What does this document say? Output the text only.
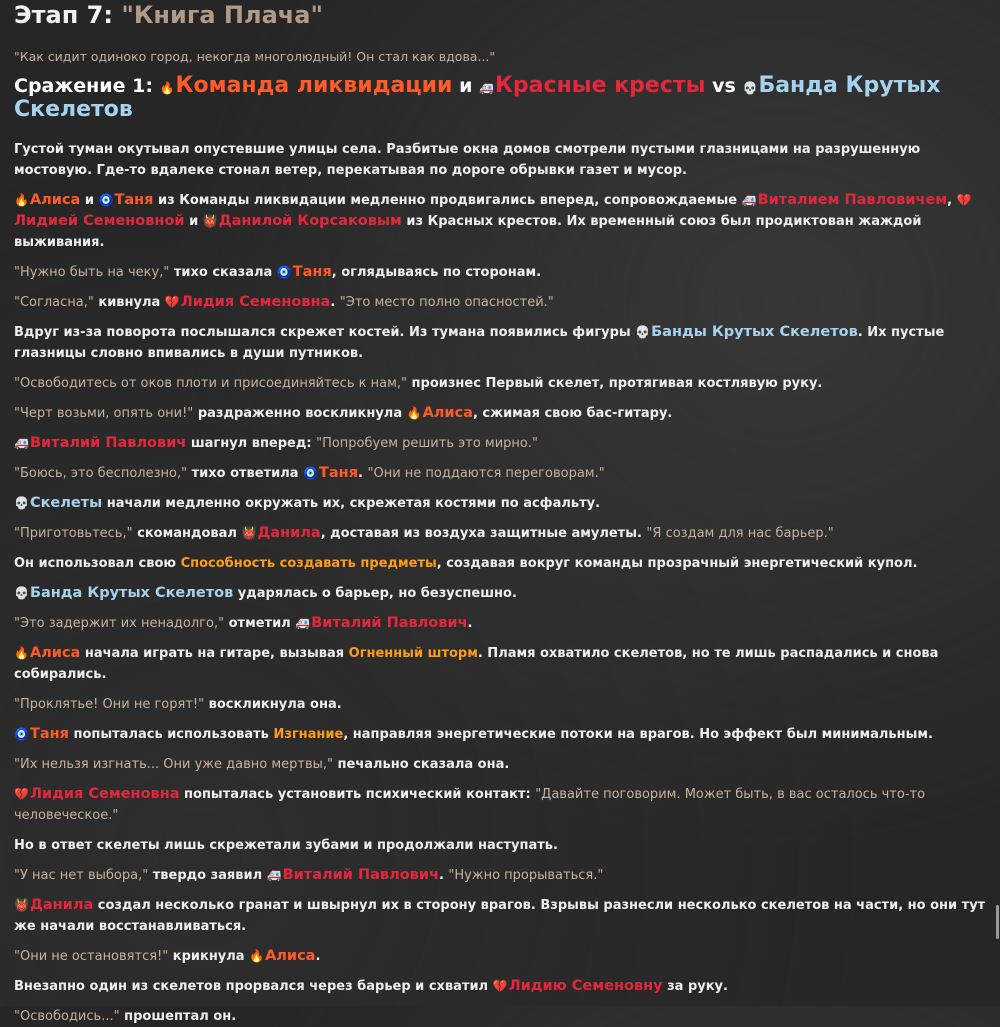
Этап 7: "Книга Плача"
"Как сидит одиноко город, некогда многолюдный! Он стал как вдова..."
Сражение 1: 🔥Команда ликвидации и 🚑Красные кресты vs 💀Банда Крутых Скелетов

Густой туман окутывал опустевшие улицы села. Разбитые окна домов смотрели пустыми глазницами на разрушенную мостовую. Где-то вдалеке стонал ветер, перекатывая по дороге обрывки газет и мусор.

🔥Алиса и 🧿Таня из Команды ликвидации медленно продвигались вперед, сопровождаемые 🚑Виталием Павловичем, 💔Лидией Семеновной и 👹Данилой Корсаковым из Красных крестов. Их временный союз был продиктован жаждой выживания.

"Нужно быть на чеку," тихо сказала 🧿Таня, оглядываясь по сторонам.

"Согласна," кивнула 💔Лидия Семеновна. "Это место полно опасностей."

Вдруг из-за поворота послышался скрежет костей. Из тумана появились фигуры 💀Банды Крутых Скелетов. Их пустые глазницы словно впивались в души путников.

"Освободитесь от оков плоти и присоединяйтесь к нам," произнес Первый скелет, протягивая костлявую руку.

"Черт возьми, опять они!" раздраженно воскликнула 🔥Алиса, сжимая свою бас-гитару.

🚑Виталий Павлович шагнул вперед: "Попробуем решить это мирно."

"Боюсь, это бесполезно," тихо ответила 🧿Таня. "Они не поддаются переговорам."

💀Скелеты начали медленно окружать их, скрежетая костями по асфальту.

"Приготовьтесь," скомандовал 👹Данила, доставая из воздуха защитные амулеты. "Я создам для нас барьер."

Он использовал свою Способность создавать предметы, создавая вокруг команды прозрачный энергетический купол.

💀Банда Крутых Скелетов ударялась о барьер, но безуспешно.

"Это задержит их ненадолго," отметил 🚑Виталий Павлович.

🔥Алиса начала играть на гитаре, вызывая Огненный шторм. Пламя охватило скелетов, но те лишь распадались и снова собирались.

"Проклятье! Они не горят!" воскликнула она.

🧿Таня попыталась использовать Изгнание, направляя энергетические потоки на врагов. Но эффект был минимальным.

"Их нельзя изгнать... Они уже давно мертвы," печально сказала она.

💔Лидия Семеновна попыталась установить психический контакт: "Давайте поговорим. Может быть, в вас осталось что-то человеческое."

Но в ответ скелеты лишь скрежетали зубами и продолжали наступать.

"У нас нет выбора," твердо заявил 🚑Виталий Павлович. "Нужно прорываться."

👹Данила создал несколько гранат и швырнул их в сторону врагов. Взрывы разнесли несколько скелетов на части, но они тут же начали восстанавливаться.

"Они не остановятся!" крикнула 🔥Алиса.

Внезапно один из скелетов прорвался через барьер и схватил 💔Лидию Семеновну за руку.

"Освободись..." прошептал он.
